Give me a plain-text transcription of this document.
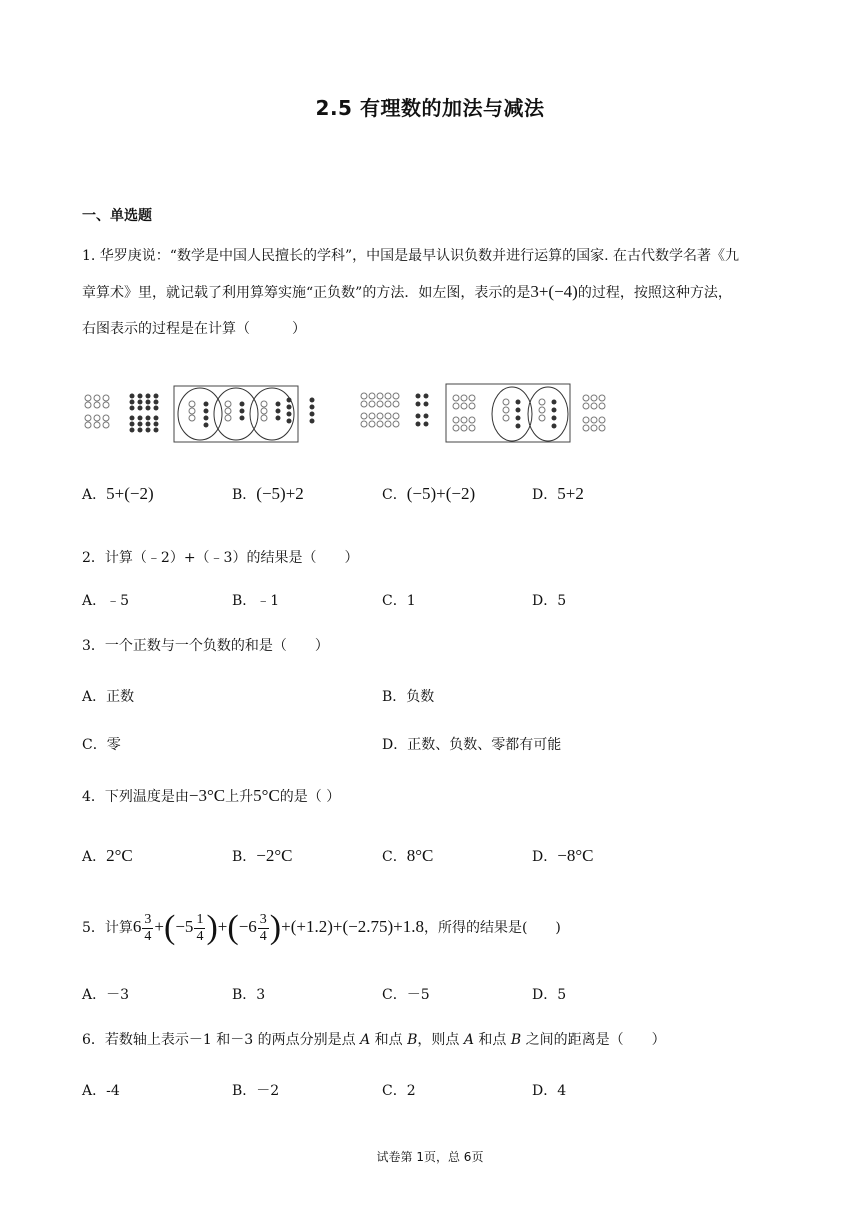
2.5 有理数的加法与减法
一、单选题
1. 华罗庚说：“数学是中国人民擅长的学科”，中国是最早认识负数并进行运算的国家. 在古代数学名著《九
章算术》里，就记载了利用算筹实施“正负数”的方法．如左图，表示的是3+(−4)的过程，按照这种方法，
右图表示的过程是在计算（　　　）
A．5+(−2)	B．(−5)+2	C．(−5)+(−2)	D．5+2
2．计算（﹣2）+（﹣3）的结果是（　　）
A．﹣5	B．﹣1	C．1	D．5
3．一个正数与一个负数的和是（　　）
A．正数	B．负数
C．零	D．正数、负数、零都有可能
4．下列温度是由−3°C上升5°C的是（ ）
A．2°C	B．−2°C	C．8°C	D．−8°C
5．计算$6 \frac{3}{4} +(-5 \frac{1}{4} )+(-6 \frac{3}{4} )+(+1.2)+(-2.75)+1.8$，所得的结果是(　　)
A．－3	B．3	C．－5	D．5
6．若数轴上表示－1 和－3 的两点分别是点 A 和点 B，则点 A 和点 B 之间的距离是（　　）
A．-4	B．－2	C．2	D．4
试卷第 1页，总 6页
